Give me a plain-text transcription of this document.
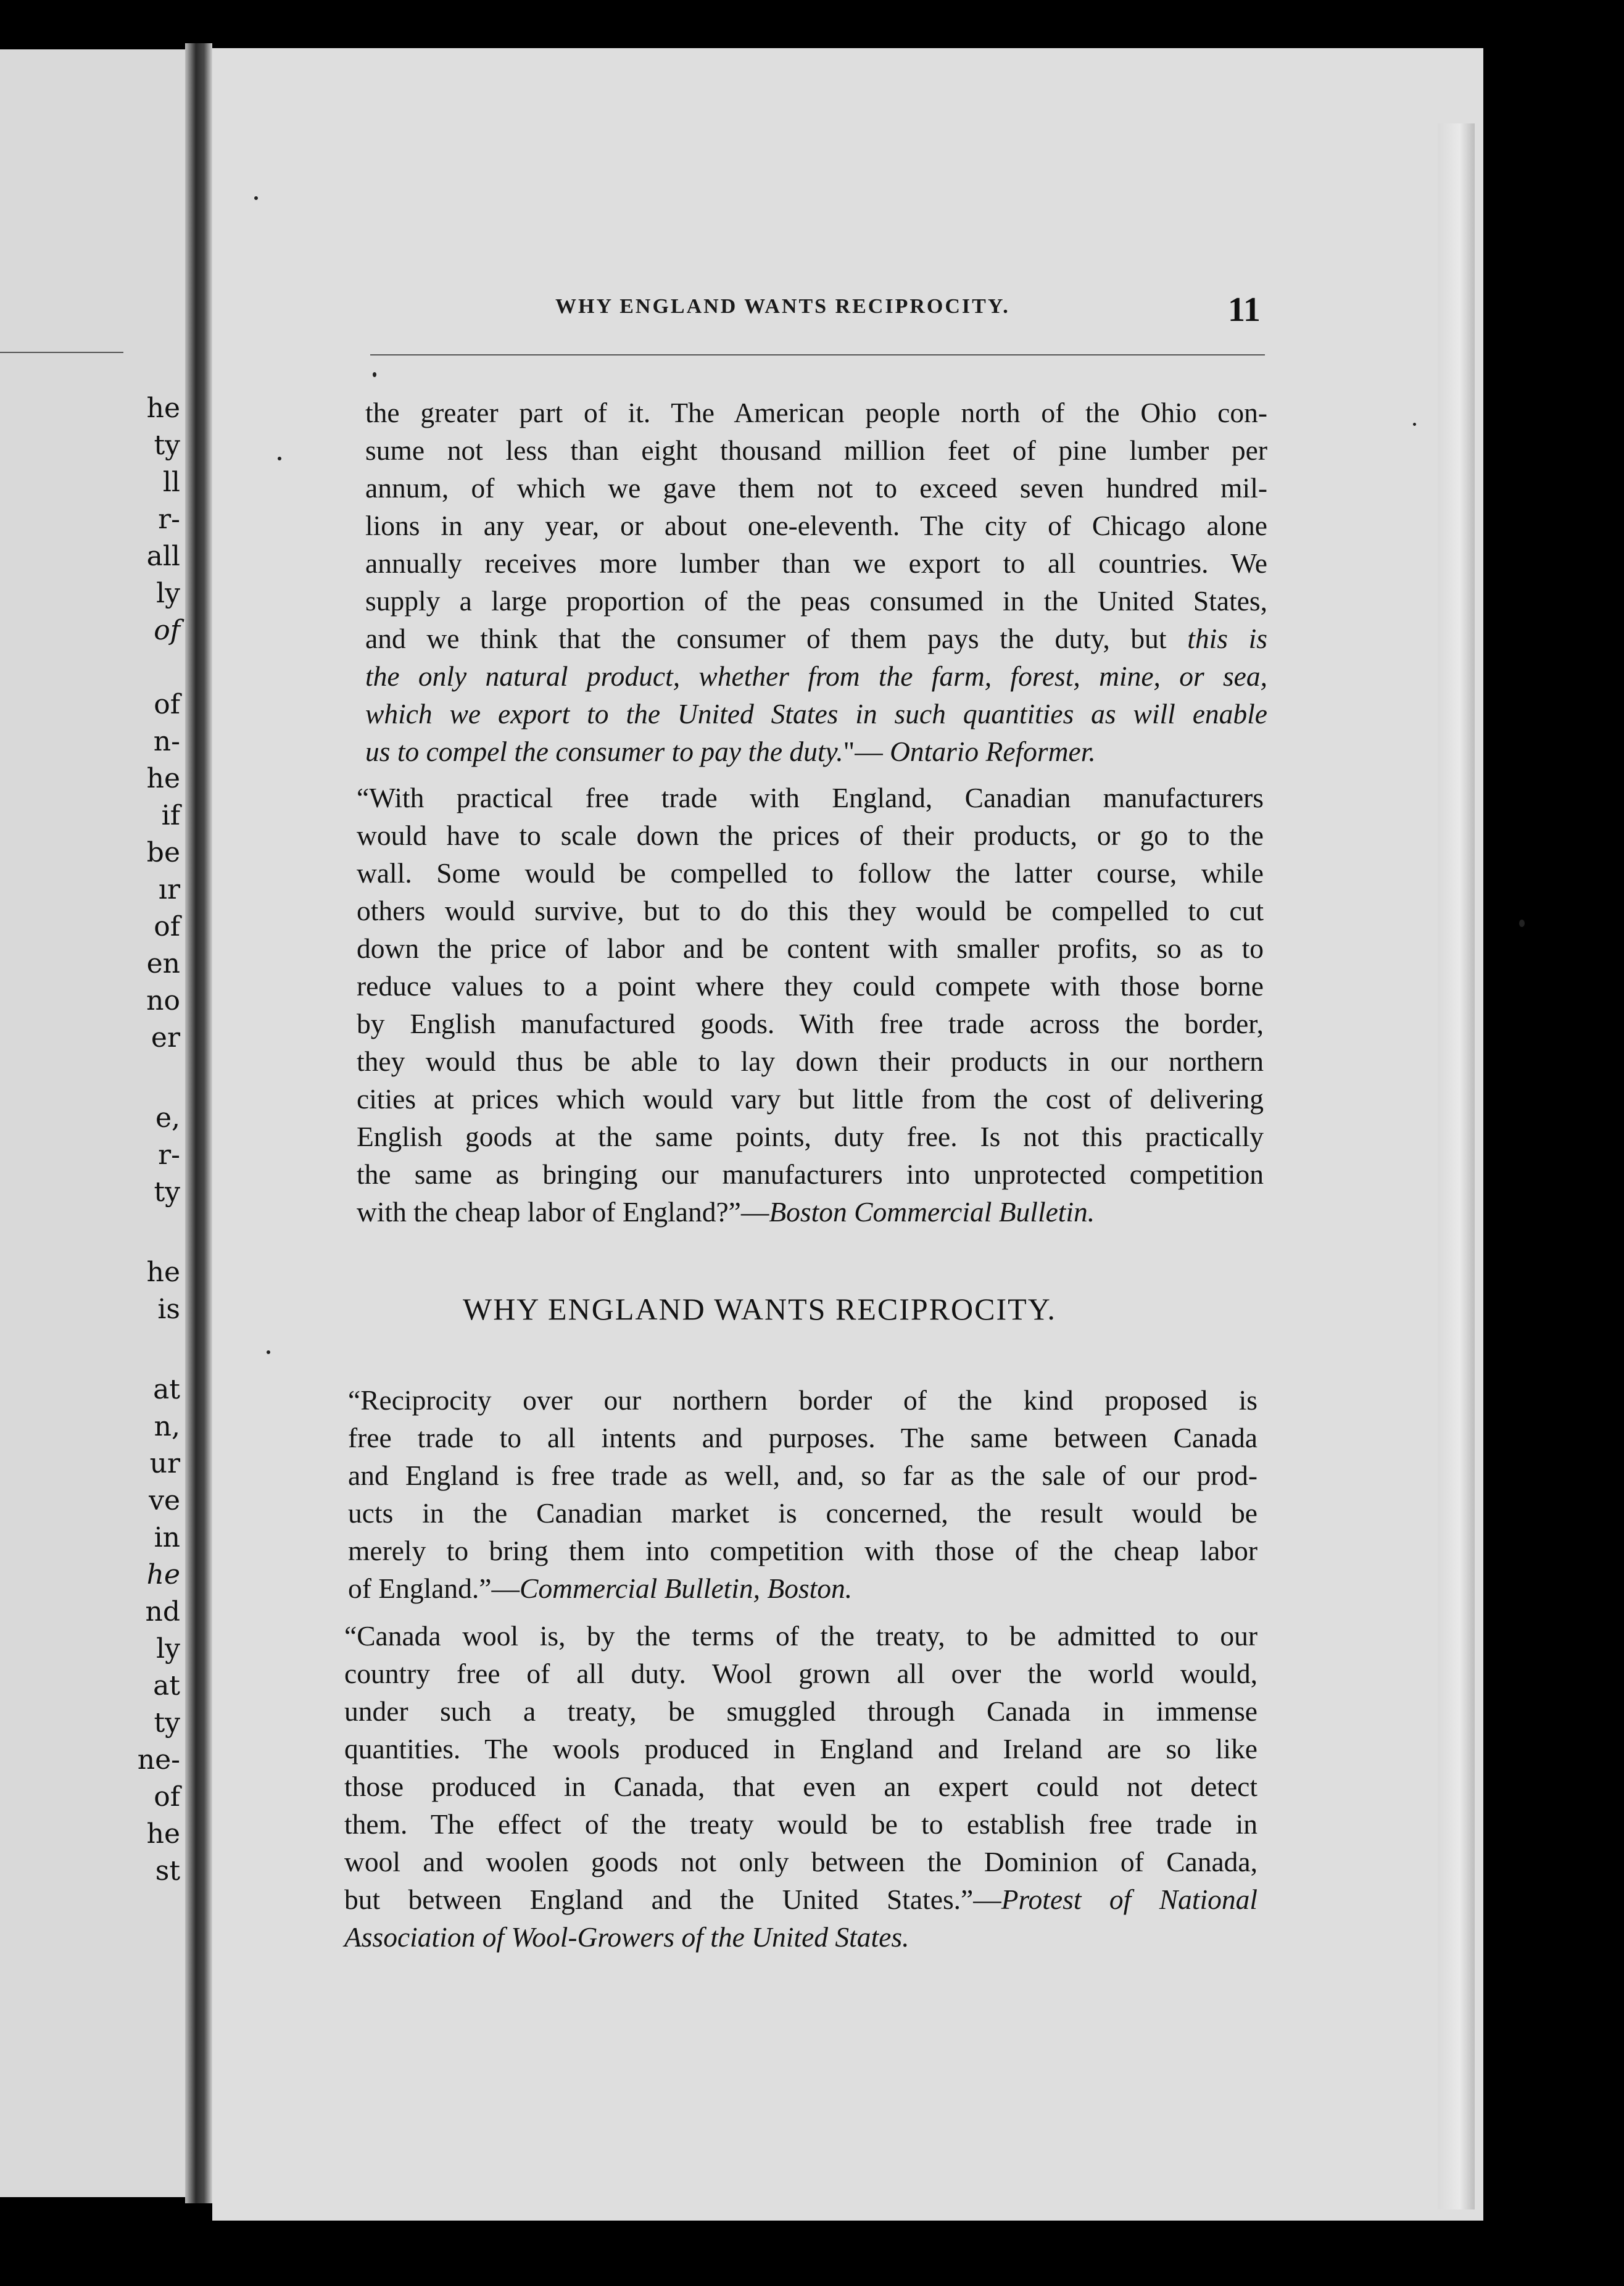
he
ty
ll
r-
all
ly
of
of
n-
he
if
be
ır
of
en
no
er
e,
r-
ty
he
is
at
n,
ur
ve
in
he
nd
ly
at
ty
ne-
of
he
st
WHY ENGLAND WANTS RECIPROCITY.	11
the greater part of it. The American people north of the Ohio con-
sume not less than eight thousand million feet of pine lumber per
annum, of which we gave them not to exceed seven hundred mil-
lions in any year, or about one-eleventh. The city of Chicago alone
annually receives more lumber than we export to all countries. We
supply a large proportion of the peas consumed in the United States,
and we think that the consumer of them pays the duty, but this is
the only natural product, whether from the farm, forest, mine, or sea,
which we export to the United States in such quantities as will enable
us to compel the consumer to pay the duty."— Ontario Reformer.
“With practical free trade with England, Canadian manufacturers
would have to scale down the prices of their products, or go to the
wall. Some would be compelled to follow the latter course, while
others would survive, but to do this they would be compelled to cut
down the price of labor and be content with smaller profits, so as to
reduce values to a point where they could compete with those borne
by English manufactured goods. With free trade across the border,
they would thus be able to lay down their products in our northern
cities at prices which would vary but little from the cost of delivering
English goods at the same points, duty free. Is not this practically
the same as bringing our manufacturers into unprotected competition
with the cheap labor of England?”—Boston Commercial Bulletin.
WHY ENGLAND WANTS RECIPROCITY.
“Reciprocity over our northern border of the kind proposed is
free trade to all intents and purposes. The same between Canada
and England is free trade as well, and, so far as the sale of our prod-
ucts in the Canadian market is concerned, the result would be
merely to bring them into competition with those of the cheap labor
of England.”—Commercial Bulletin, Boston.
“Canada wool is, by the terms of the treaty, to be admitted to our
country free of all duty. Wool grown all over the world would,
under such a treaty, be smuggled through Canada in immense
quantities. The wools produced in England and Ireland are so like
those produced in Canada, that even an expert could not detect
them. The effect of the treaty would be to establish free trade in
wool and woolen goods not only between the Dominion of Canada,
but between England and the United States.”—Protest of National
Association of Wool-Growers of the United States.
